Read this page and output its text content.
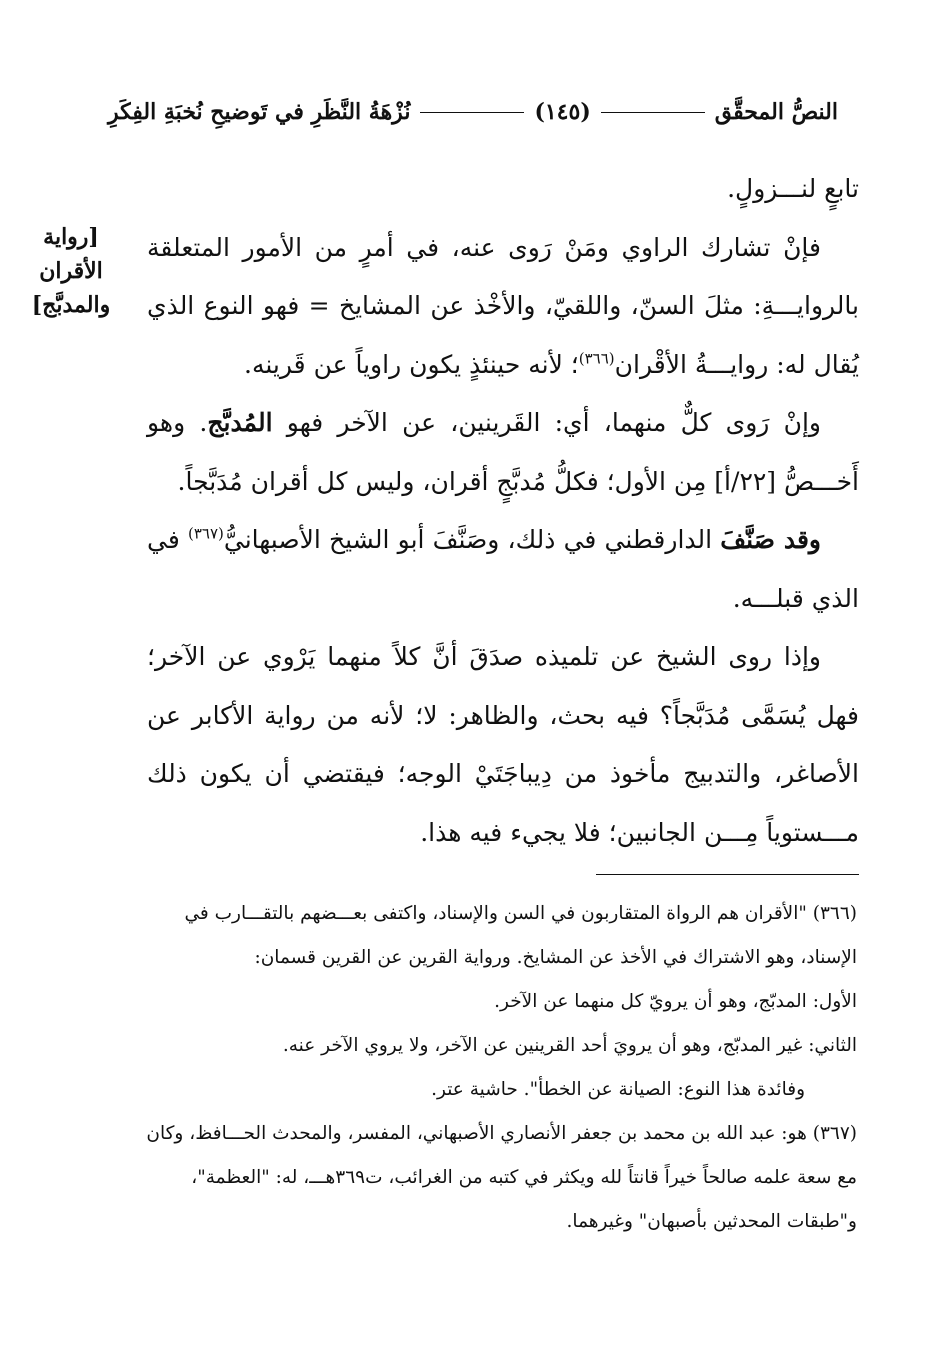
النصُّ المحقَّق
(١٤٥)
نُزْهَةُ النَّظَرِ في تَوضيحِ نُخبَةِ الفِكَرِ
[رواية
الأقران
والمدبَّج]

تابعٍ لنـــزولٍ.

فإنْ تشارك الراوي ومَنْ رَوى عنه، في أمرٍ من الأمور المتعلقة بالروايـــةِ: مثلَ السنّ، واللقيّ، والأخْذ عن المشايخ = فهو النوع الذي يُقال له: روايـــةُ الأقْران$^{(٣٦٦)}$؛ لأنه حينئذٍ يكون راوياً عن قَرينه.

وإنْ رَوى كلٌّ منهما، أي: القَرينين، عن الآخر فهو المُدبَّج. وهو أَخـــصُّ [٢٢/أ] مِن الأول؛ فكلُّ مُدبَّجٍ أقران، وليس كل أقران مُدَبَّجاً.

وقد صَنَّفَ الدارقطني في ذلك، وصَنَّفَ أبو الشيخ الأصبهانيُّ$^{(٣٦٧)}$ في الذي قبلـــه.

وإذا روى الشيخ عن تلميذه صدَقَ أنَّ كلاً منهما يَرْوي عن الآخر؛ فهل يُسَمَّى مُدَبَّجاً؟ فيه بحث، والظاهر: لا؛ لأنه من رواية الأكابر عن الأصاغر، والتدبيج مأخوذ من دِيباجَتَيْ الوجه؛ فيقتضي أن يكون ذلك مـــستوياً مِـــن الجانبين؛ فلا يجيء فيه هذا.

(٣٦٦) "الأقران هم الرواة المتقاربون في السن والإسناد، واكتفى بعـــضهم بالتقـــارب في الإسناد، وهو الاشتراك في الأخذ عن المشايخ. ورواية القرين عن القرين قسمان:

الأول: المدبّج، وهو أن يرويّ كل منهما عن الآخر.

الثاني: غير المدبّج، وهو أن يرويَ أحد القرينين عن الآخر، ولا يروي الآخر عنه.

وفائدة هذا النوع: الصيانة عن الخطأ". حاشية عتر.

(٣٦٧) هو: عبد الله بن محمد بن جعفر الأنصاري الأصبهاني، المفسر، والمحدث الحـــافظ، وكان مع سعة علمه صالحاً خيراً قانتاً لله ويكثر في كتبه من الغرائب، ت٣٦٩هـــ، له: "العظمة"، و"طبقات المحدثين بأصبهان" وغيرهما.
